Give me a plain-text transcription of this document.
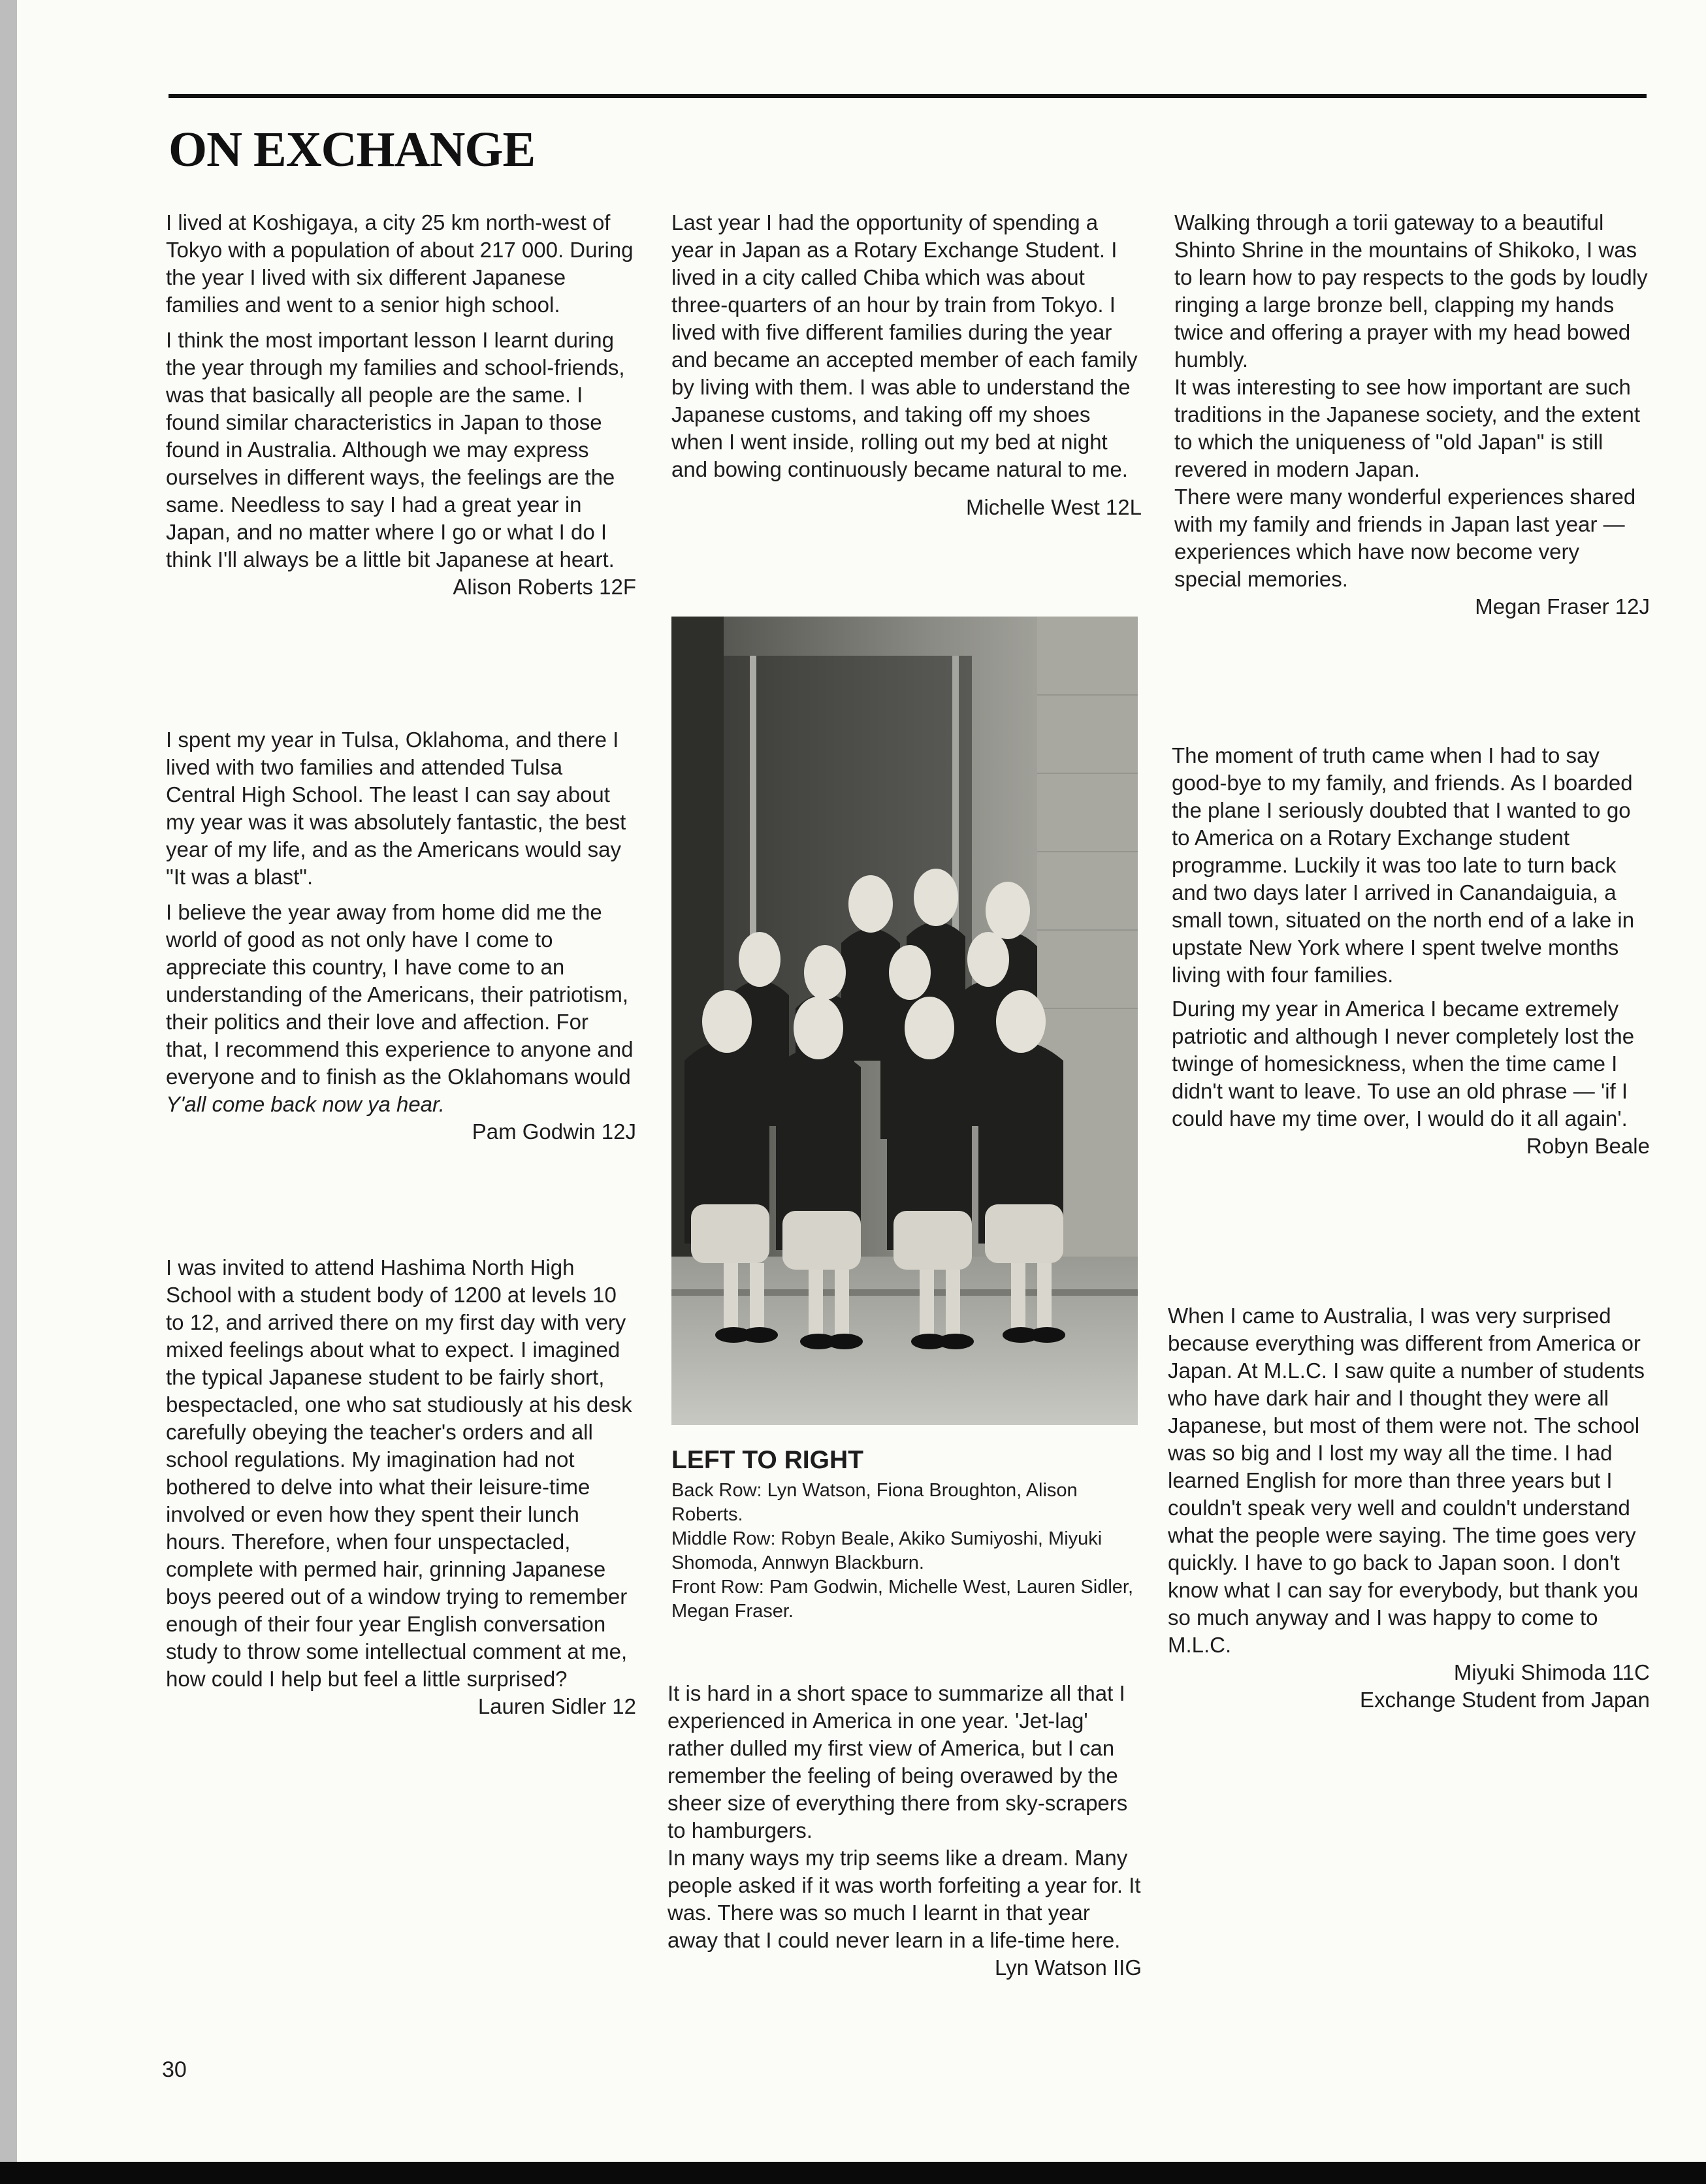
ON EXCHANGE

I lived at Koshigaya, a city 25 km north-west of Tokyo with a population of about 217 000. During the year I lived with six different Japanese families and went to a senior high school.

I think the most important lesson I learnt during the year through my families and school-friends, was that basically all people are the same. I found similar characteristics in Japan to those found in Australia. Although we may express ourselves in different ways, the feelings are the same. Needless to say I had a great year in Japan, and no matter where I go or what I do I think I'll always be a little bit Japanese at heart.

Alison Roberts 12F

I spent my year in Tulsa, Oklahoma, and there I lived with two families and attended Tulsa Central High School. The least I can say about my year was it was absolutely fantastic, the best year of my life, and as the Americans would say "It was a blast".

I believe the year away from home did me the world of good as not only have I come to appreciate this country, I have come to an understanding of the Americans, their patriotism, their politics and their love and affection. For that, I recommend this experience to anyone and everyone and to finish as the Oklahomans would Y'all come back now ya hear.

Pam Godwin 12J

I was invited to attend Hashima North High School with a student body of 1200 at levels 10 to 12, and arrived there on my first day with very mixed feelings about what to expect. I imagined the typical Japanese student to be fairly short, bespectacled, one who sat studiously at his desk carefully obeying the teacher's orders and all school regulations. My imagination had not bothered to delve into what their leisure-time involved or even how they spent their lunch hours. Therefore, when four unspectacled, complete with permed hair, grinning Japanese boys peered out of a window trying to remember enough of their four year English conversation study to throw some intellectual comment at me, how could I help but feel a little surprised?

Lauren Sidler 12

Last year I had the opportunity of spending a year in Japan as a Rotary Exchange Student. I lived in a city called Chiba which was about three-quarters of an hour by train from Tokyo. I lived with five different families during the year and became an accepted member of each family by living with them. I was able to understand the Japanese customs, and taking off my shoes when I went inside, rolling out my bed at night and bowing continuously became natural to me.

Michelle West 12L
LEFT TO RIGHT

Back Row: Lyn Watson, Fiona Broughton, Alison Roberts.

Middle Row: Robyn Beale, Akiko Sumiyoshi, Miyuki Shomoda, Annwyn Blackburn.

Front Row: Pam Godwin, Michelle West, Lauren Sidler, Megan Fraser.

It is hard in a short space to summarize all that I experienced in America in one year. 'Jet-lag' rather dulled my first view of America, but I can remember the feeling of being overawed by the sheer size of everything there from sky-scrapers to hamburgers.

In many ways my trip seems like a dream. Many people asked if it was worth forfeiting a year for. It was. There was so much I learnt in that year away that I could never learn in a life-time here.

Lyn Watson IIG

Walking through a torii gateway to a beautiful Shinto Shrine in the mountains of Shikoko, I was to learn how to pay respects to the gods by loudly ringing a large bronze bell, clapping my hands twice and offering a prayer with my head bowed humbly.

It was interesting to see how important are such traditions in the Japanese society, and the extent to which the uniqueness of "old Japan" is still revered in modern Japan.

There were many wonderful experiences shared with my family and friends in Japan last year — experiences which have now become very special memories.

Megan Fraser 12J

The moment of truth came when I had to say good-bye to my family, and friends. As I boarded the plane I seriously doubted that I wanted to go to America on a Rotary Exchange student programme. Luckily it was too late to turn back and two days later I arrived in Canandaiguia, a small town, situated on the north end of a lake in upstate New York where I spent twelve months living with four families.

During my year in America I became extremely patriotic and although I never completely lost the twinge of homesickness, when the time came I didn't want to leave. To use an old phrase — 'if I could have my time over, I would do it all again'.

Robyn Beale

When I came to Australia, I was very surprised because everything was different from America or Japan. At M.L.C. I saw quite a number of students who have dark hair and I thought they were all Japanese, but most of them were not. The school was so big and I lost my way all the time. I had learned English for more than three years but I couldn't speak very well and couldn't understand what the people were saying. The time goes very quickly. I have to go back to Japan soon. I don't know what I can say for everybody, but thank you so much anyway and I was happy to come to M.L.C.

Miyuki Shimoda 11C
Exchange Student from Japan
30
